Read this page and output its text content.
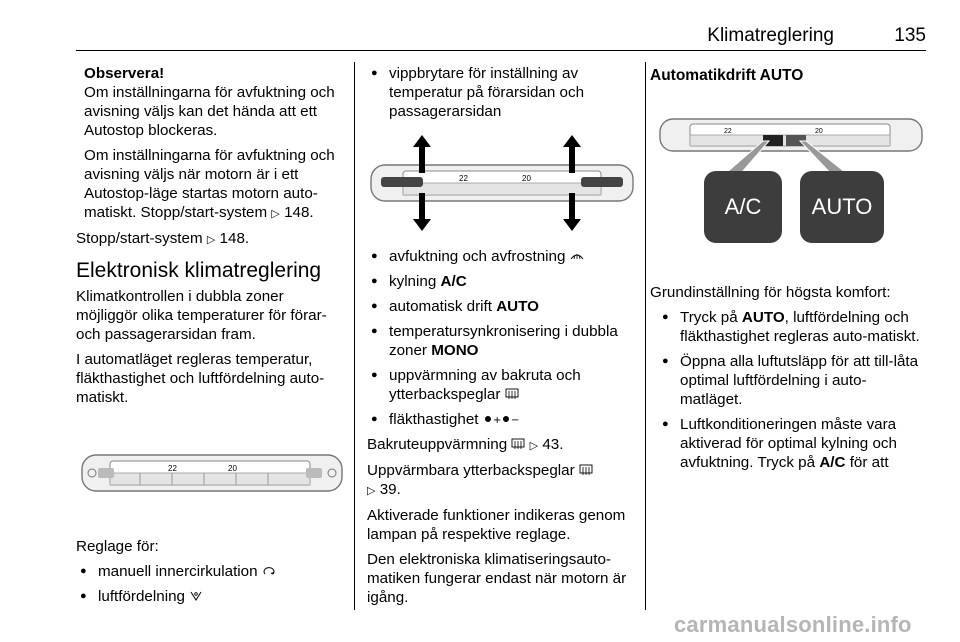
Klimatreglering	135
Observera!
Om inställningarna för avfuktning och avisning väljs kan det hända att ett Autostop blockeras.
Om inställningarna för avfuktning och avisning väljs när motorn är i ett Autostop-läge startas motorn auto-matiskt. Stopp/start-system ▷ 148.
Stopp/start-system ▷ 148.
Elektronisk klimatreglering
Klimatkontrollen i dubbla zoner möjliggör olika temperaturer för förar- och passagerarsidan fram.
I automatläget regleras temperatur, fläkthastighet och luftfördelning auto-matiskt.
22	20
Reglage för:
● manuell innercirkulation
● luftfördelning
● vippbrytare för inställning av temperatur på förarsidan och passagerarsidan
22	20
● avfuktning och avfrostning
● kylning A/C
● automatisk drift AUTO
● temperatursynkronisering i dubbla zoner MONO
● uppvärmning av bakruta och ytterbackspeglar
● fläkthastighet + −
Bakruteuppvärmning ▷ 43.
Uppvärmbara ytterbackspeglar
▷ 39.
Aktiverade funktioner indikeras genom lampan på respektive reglage.
Den elektroniska klimatiseringsauto-matiken fungerar endast när motorn är igång.
Automatikdrift AUTO
22	20
A/C AUTO
Grundinställning för högsta komfort:
● Tryck på AUTO, luftfördelning och fläkthastighet regleras auto-matiskt.
● Öppna alla luftutsläpp för att till-låta optimal luftfördelning i auto-matläget.
● Luftkonditioneringen måste vara aktiverad för optimal kylning och avfuktning. Tryck på A/C för att
carmanualsonline.info
